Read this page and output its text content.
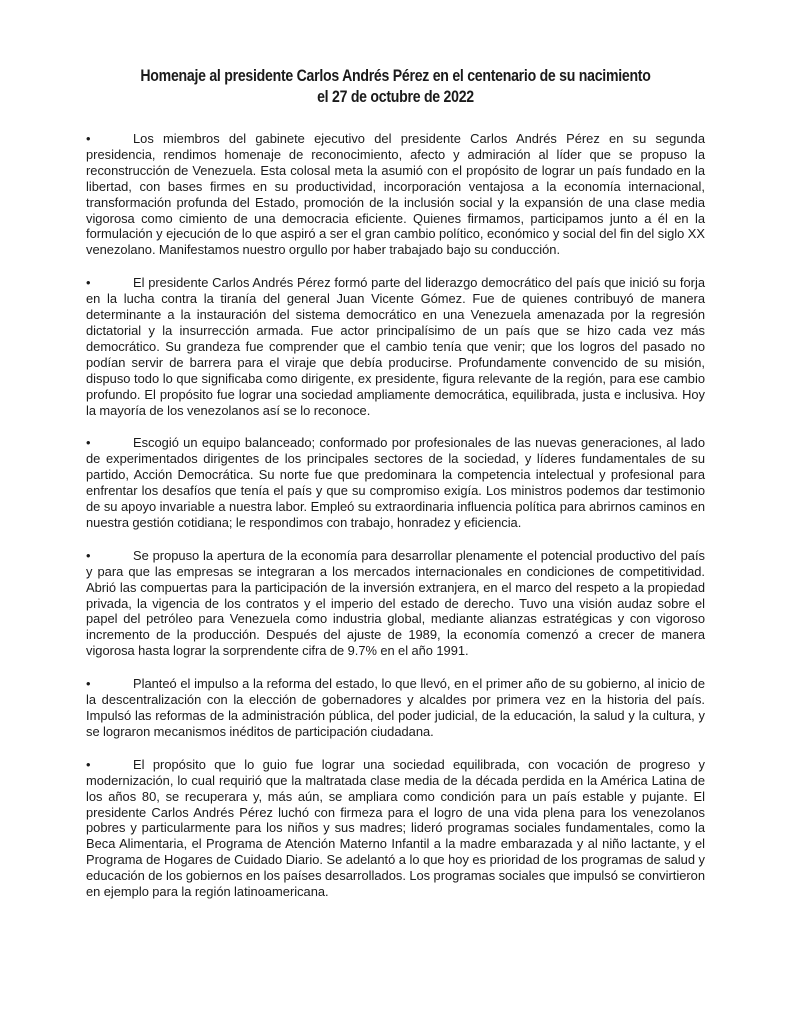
Homenaje al presidente Carlos Andrés Pérez en el centenario de su nacimiento
el 27 de octubre de 2022
•	Los miembros del gabinete ejecutivo del presidente Carlos Andrés Pérez en su segunda presidencia, rendimos homenaje de reconocimiento, afecto y admiración al líder que se propuso la reconstrucción de Venezuela. Esta colosal meta la asumió con el propósito de lograr un país fundado en la libertad, con bases firmes en su productividad, incorporación ventajosa a la economía internacional, transformación profunda del Estado, promoción de la inclusión social y la expansión de una clase media vigorosa como cimiento de una democracia eficiente. Quienes firmamos, participamos junto a él en la formulación y ejecución de lo que aspiró a ser el gran cambio político, económico y social del fin del siglo XX venezolano. Manifestamos nuestro orgullo por haber trabajado bajo su conducción.
•	El presidente Carlos Andrés Pérez formó parte del liderazgo democrático del país que inició su forja en la lucha contra la tiranía del general Juan Vicente Gómez. Fue de quienes contribuyó de manera determinante a la instauración del sistema democrático en una Venezuela amenazada por la regresión dictatorial y la insurrección armada. Fue actor principalísimo de un país que se hizo cada vez más democrático. Su grandeza fue comprender que el cambio tenía que venir; que los logros del pasado no podían servir de barrera para el viraje que debía producirse. Profundamente convencido de su misión, dispuso todo lo que significaba como dirigente, ex presidente, figura relevante de la región, para ese cambio profundo. El propósito fue lograr una sociedad ampliamente democrática, equilibrada, justa e inclusiva. Hoy la mayoría de los venezolanos así se lo reconoce.
•	Escogió un equipo balanceado; conformado por profesionales de las nuevas generaciones, al lado de experimentados dirigentes de los principales sectores de la sociedad, y líderes fundamentales de su partido, Acción Democrática. Su norte fue que predominara la competencia intelectual y profesional para enfrentar los desafíos que tenía el país y que su compromiso exigía. Los ministros podemos dar testimonio de su apoyo invariable a nuestra labor. Empleó su extraordinaria influencia política para abrirnos caminos en nuestra gestión cotidiana; le respondimos con trabajo, honradez y eficiencia.
•	Se propuso la apertura de la economía para desarrollar plenamente el potencial productivo del país y para que las empresas se integraran a los mercados internacionales en condiciones de competitividad. Abrió las compuertas para la participación de la inversión extranjera, en el marco del respeto a la propiedad privada, la vigencia de los contratos y el imperio del estado de derecho. Tuvo una visión audaz sobre el papel del petróleo para Venezuela como industria global, mediante alianzas estratégicas y con vigoroso incremento de la producción. Después del ajuste de 1989, la economía comenzó a crecer de manera vigorosa hasta lograr la sorprendente cifra de 9.7% en el año 1991.
•	Planteó el impulso a la reforma del estado, lo que llevó, en el primer año de su gobierno, al inicio de la descentralización con la elección de gobernadores y alcaldes por primera vez en la historia del país. Impulsó las reformas de la administración pública, del poder judicial, de la educación, la salud y la cultura, y se lograron mecanismos inéditos de participación ciudadana.
•	El propósito que lo guio fue lograr una sociedad equilibrada, con vocación de progreso y modernización, lo cual requirió que la maltratada clase media de la década perdida en la América Latina de los años 80, se recuperara y, más aún, se ampliara como condición para un país estable y pujante. El presidente Carlos Andrés Pérez luchó con firmeza para el logro de una vida plena para los venezolanos pobres y particularmente para los niños y sus madres; lideró programas sociales fundamentales, como la Beca Alimentaria, el Programa de Atención Materno Infantil a la madre embarazada y al niño lactante, y el Programa de Hogares de Cuidado Diario. Se adelantó a lo que hoy es prioridad de los programas de salud y educación de los gobiernos en los países desarrollados. Los programas sociales que impulsó se convirtieron en ejemplo para la región latinoamericana.
